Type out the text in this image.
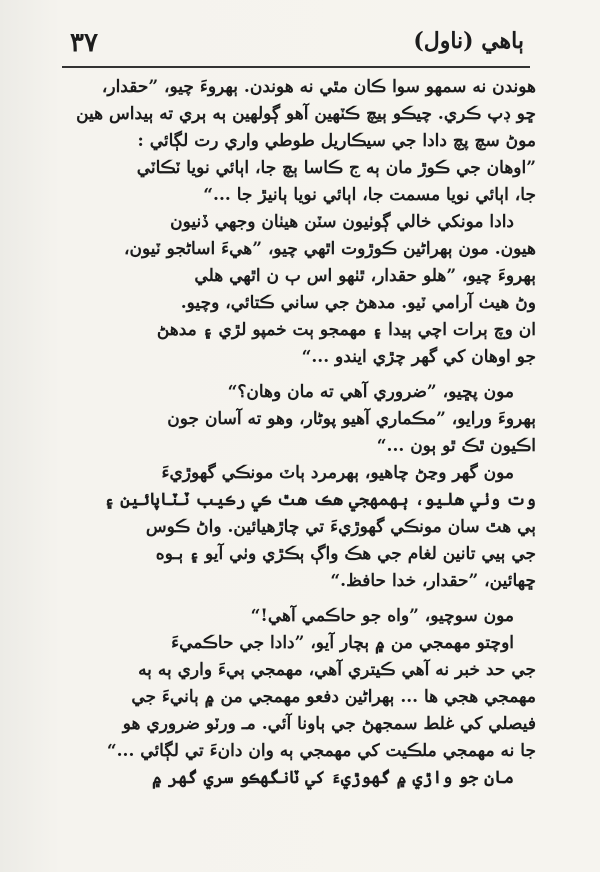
٣٧	ٻاهي (ناول)
هوندن نه سمهو سوا ڪان مٿي نه هوندن. ٻهروءَ چيو، ”حقدار،
ڇو ڊپ ڪري. چيڪو ٻيچ ڪٽهين آهو ڳولهين ٻه ٻري ته ٻيداس هين
موڻ سچ پچ دادا جي سيڪاريل طوطي واري رت لڳائي :
”اوهان جي ڪوڙ مان ٻه ج ڪاسا ٻچ جا، اٻائي نويا ٽڪاٽي
جا، اٻائي نويا مسمت جا، اٻائي نويا ٻانيڙ جا ...“
دادا مونکي خالي ڳوٺيون سٽن هيٺان وجهي ڏنيون
هيون. مون ٻهراڻين ڪوڙوت اٿهي چيو، ”هيءَ اساڻجو ٽيون،
ٻهروءَ چيو، ”هلو حقدار، ٿٺهو اس ٻ ن اٿهي هلي
وڻ هيٺ آرامي ٽيو. مدهڻ جي ساني ڪتائي، وچيو.
ان وچ ٻرات اچي ٻيدا ۽ مهمجو ٻت خمپو لڙي ۽ مدهڻ
جو اوهان کي گهر چڙي ايندو ...“
مون پڇيو، ”ضروري آهي ته مان وهان؟“
ٻهروءَ ورايو، ”مڪماري آهيو پوڻار، وهو ته آسان جون
اڪيون ٿڪ ٿو ٻون ...“
مون گهر وڃڻ چاهيو، ٻهرمرد ٻاٽ مونڪي گهوڙيءَ
وت وٺي هليو، ٻهمهجي هڪ هٿ ڪي رڪيب ٽٽاپائين ۽
ٻي هٿ سان مونڪي گهوڙيءَ تي چاڙهيائين. واڻ ڪوس
جي ٻيي تانين لغام جي هڪ واڳ ٻڪڙي وٺي آيو ۽ ٻـوه
ڇهائين، ”حقدار، خدا حافظ.“
مون سوچيو، ”واه جو حاڪمي آهي!“
اوچتو مهمجي من ۾ ٻچار آيو، ”دادا جي حاڪميءَ
جي حد خبر نه آهي ڪيتري آهي، مهمجي ٻيءَ واري ٻه ٻه
مهمجي هجي ها ... ٻهراڻين دفعو مهمجي من ۾ ٻانيءَ جي
فيصلي کي غلط سمجهڻ جي ٻاونا آئي. مـ ورٽو ضروري هو
جا نه مهمجي ملڪيت کي مهمجي ٻه وان دانءَ تي لڳائي ...“
مان جو واڙي ۾ گهوڙيءَ کي ٽانگهڪو سري گهر ۾
